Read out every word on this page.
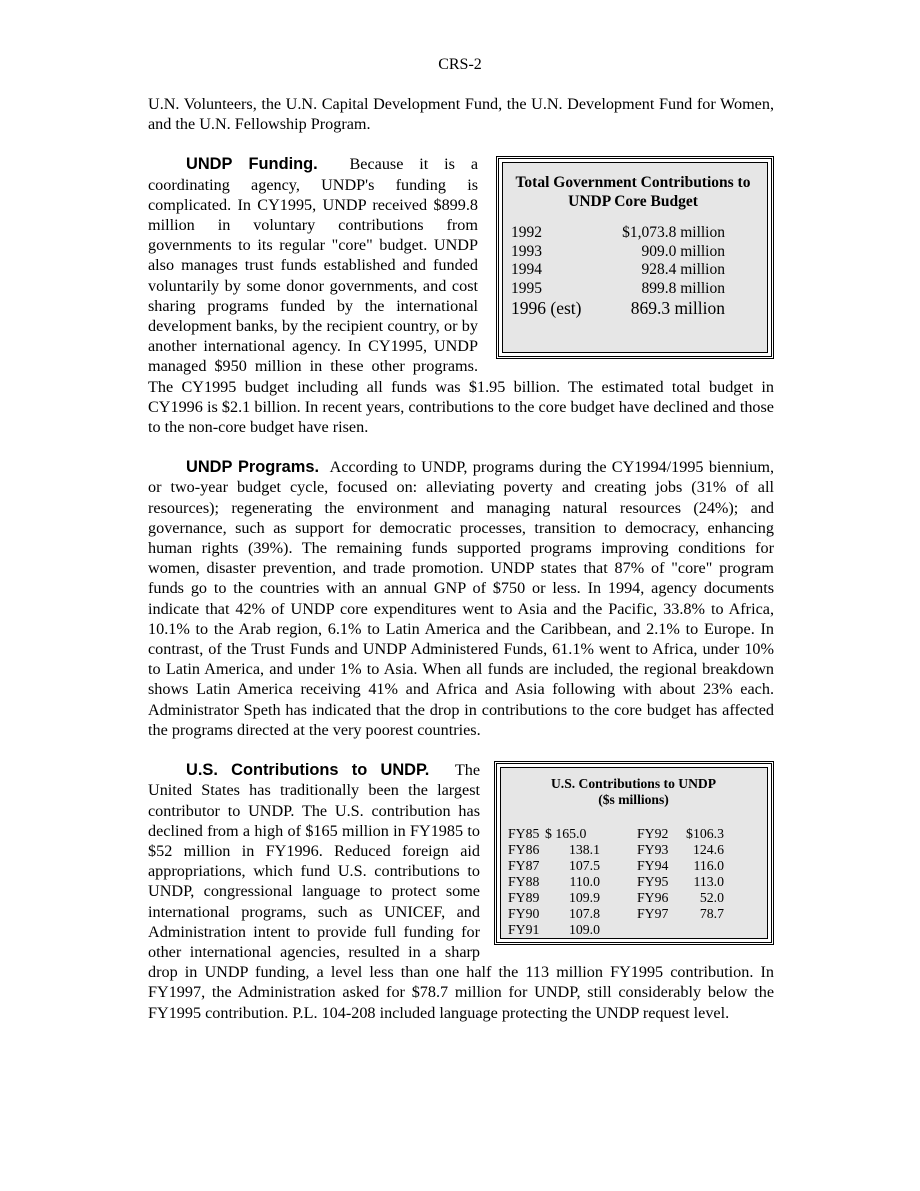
CRS-2

U.N. Volunteers, the U.N. Capital Development Fund, the U.N. Development Fund for Women, and the U.N. Fellowship Program.

Total Government Contributions to UNDP Core Budget
1992	$1,073.8 million
1993	909.0 million
1994	928.4 million
1995	899.8 million
1996 (est)	869.3 million

UNDP Funding. Because it is a coordinating agency, UNDP's funding is complicated. In CY1995, UNDP received $899.8 million in voluntary contributions from governments to its regular "core" budget. UNDP also manages trust funds established and funded voluntarily by some donor governments, and cost sharing programs funded by the international development banks, by the recipient country, or by another international agency. In CY1995, UNDP managed $950 million in these other programs. The CY1995 budget including all funds was $1.95 billion. The estimated total budget in CY1996 is $2.1 billion. In recent years, contributions to the core budget have declined and those to the non-core budget have risen.

UNDP Programs. According to UNDP, programs during the CY1994/1995 biennium, or two-year budget cycle, focused on: alleviating poverty and creating jobs (31% of all resources); regenerating the environment and managing natural resources (24%); and governance, such as support for democratic processes, transition to democracy, enhancing human rights (39%). The remaining funds supported programs improving conditions for women, disaster prevention, and trade promotion. UNDP states that 87% of "core" program funds go to the countries with an annual GNP of $750 or less. In 1994, agency documents indicate that 42% of UNDP core expenditures went to Asia and the Pacific, 33.8% to Africa, 10.1% to the Arab region, 6.1% to Latin America and the Caribbean, and 2.1% to Europe. In contrast, of the Trust Funds and UNDP Administered Funds, 61.1% went to Africa, under 10% to Latin America, and under 1% to Asia. When all funds are included, the regional breakdown shows Latin America receiving 41% and Africa and Asia following with about 23% each. Administrator Speth has indicated that the drop in contributions to the core budget has affected the programs directed at the very poorest countries.

U.S. Contributions to UNDP
($s millions)
FY85 $ 165.0	FY92	$106.3
FY86	138.1	FY93	124.6
FY87	107.5	FY94	116.0
FY88	110.0	FY95	113.0
FY89	109.9	FY96	52.0
FY90	107.8	FY97	78.7
FY91	109.0

U.S. Contributions to UNDP. The United States has traditionally been the largest contributor to UNDP. The U.S. contribution has declined from a high of $165 million in FY1985 to $52 million in FY1996. Reduced foreign aid appropriations, which fund U.S. contributions to UNDP, congressional language to protect some international programs, such as UNICEF, and Administration intent to provide full funding for other international agencies, resulted in a sharp drop in UNDP funding, a level less than one half the 113 million FY1995 contribution. In FY1997, the Administration asked for $78.7 million for UNDP, still considerably below the FY1995 contribution. P.L. 104-208 included language protecting the UNDP request level.
